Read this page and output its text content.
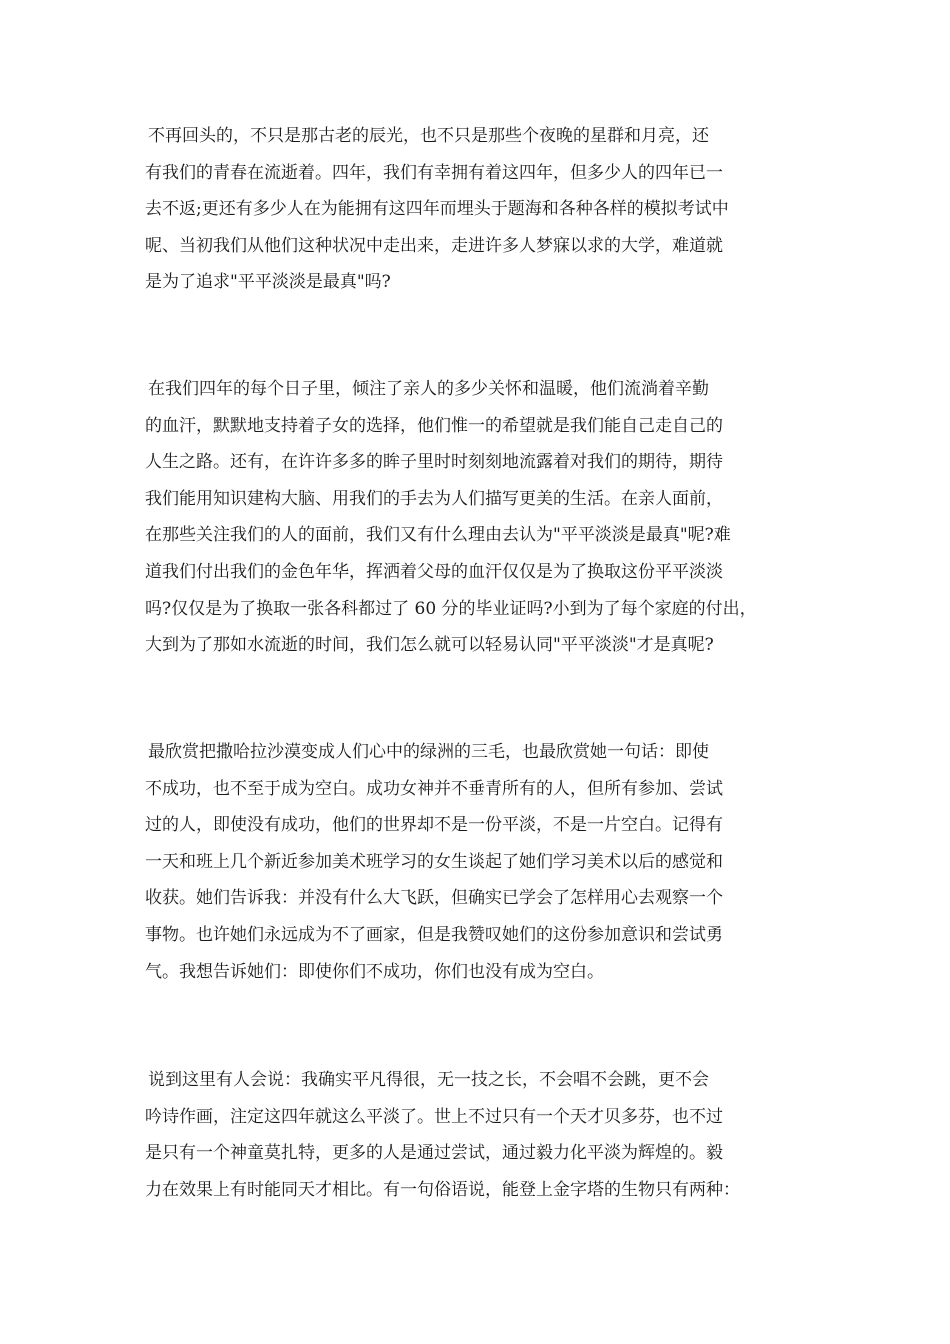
不再回头的，不只是那古老的辰光，也不只是那些个夜晚的星群和月亮，还
有我们的青春在流逝着。四年，我们有幸拥有着这四年，但多少人的四年已一
去不返;更还有多少人在为能拥有这四年而埋头于题海和各种各样的模拟考试中
呢、当初我们从他们这种状况中走出来，走进许多人梦寐以求的大学，难道就
是为了追求"平平淡淡是最真"吗?
在我们四年的每个日子里，倾注了亲人的多少关怀和温暖，他们流淌着辛勤
的血汗，默默地支持着子女的选择，他们惟一的希望就是我们能自己走自己的
人生之路。还有，在许许多多的眸子里时时刻刻地流露着对我们的期待，期待
我们能用知识建构大脑、用我们的手去为人们描写更美的生活。在亲人面前，
在那些关注我们的人的面前，我们又有什么理由去认为"平平淡淡是最真"呢?难
道我们付出我们的金色年华，挥洒着父母的血汗仅仅是为了换取这份平平淡淡
吗?仅仅是为了换取一张各科都过了 60 分的毕业证吗?小到为了每个家庭的付出，
大到为了那如水流逝的时间，我们怎么就可以轻易认同"平平淡淡"才是真呢?
最欣赏把撒哈拉沙漠变成人们心中的绿洲的三毛，也最欣赏她一句话：即使
不成功，也不至于成为空白。成功女神并不垂青所有的人，但所有参加、尝试
过的人，即使没有成功，他们的世界却不是一份平淡，不是一片空白。记得有
一天和班上几个新近参加美术班学习的女生谈起了她们学习美术以后的感觉和
收获。她们告诉我：并没有什么大飞跃，但确实已学会了怎样用心去观察一个
事物。也许她们永远成为不了画家，但是我赞叹她们的这份参加意识和尝试勇
气。我想告诉她们：即使你们不成功，你们也没有成为空白。
说到这里有人会说：我确实平凡得很，无一技之长，不会唱不会跳，更不会
吟诗作画，注定这四年就这么平淡了。世上不过只有一个天才贝多芬，也不过
是只有一个神童莫扎特，更多的人是通过尝试，通过毅力化平淡为辉煌的。毅
力在效果上有时能同天才相比。有一句俗语说，能登上金字塔的生物只有两种：
